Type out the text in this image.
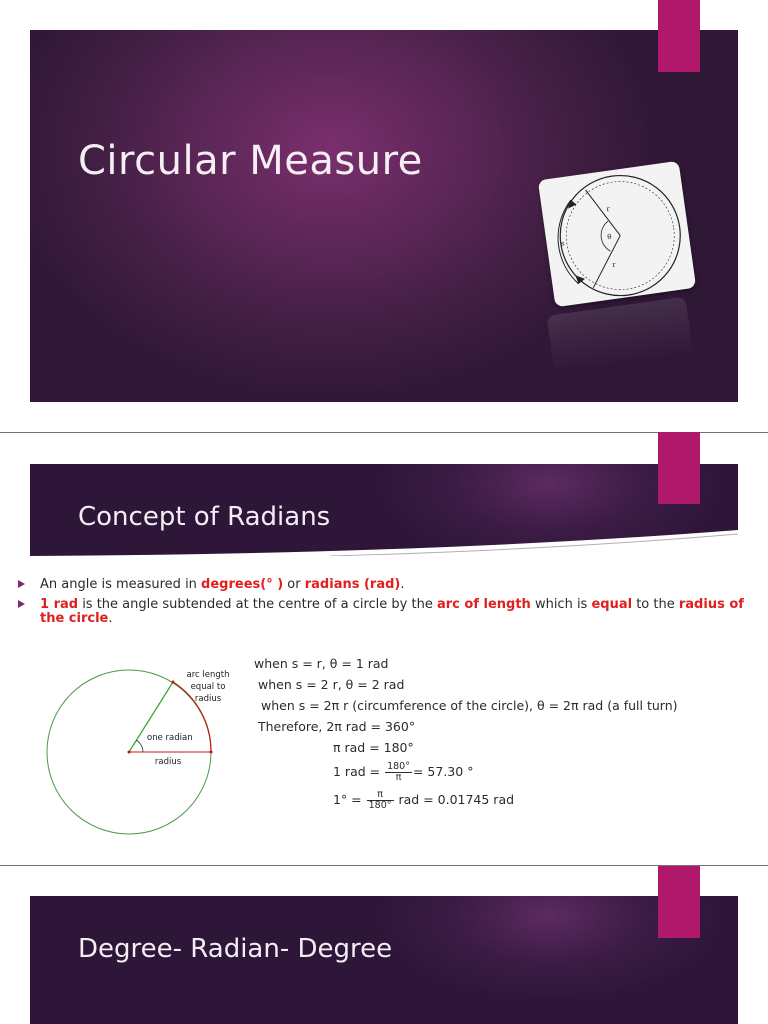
Circular Measure
r
r
θ
s
Concept of Radians
An angle is measured in degrees(° ) or radians (rad).
1 rad is the angle subtended at the centre of a circle by the arc of length which is equal to the radius of the circle.
arc length
equal to
radius
one radian
radius
when s = r, θ = 1 rad
when s = 2 r, θ = 2 rad
when s = 2π r (circumference of the circle), θ = 2π rad (a full turn)
Therefore, 2π rad = 360°
π rad = 180°
1 rad = $\frac{180^\circ}{\pi} = 57.30$ °
$1^\circ = \frac{\pi}{180^\circ}$ rad = 0.01745 rad
Degree- Radian- Degree
